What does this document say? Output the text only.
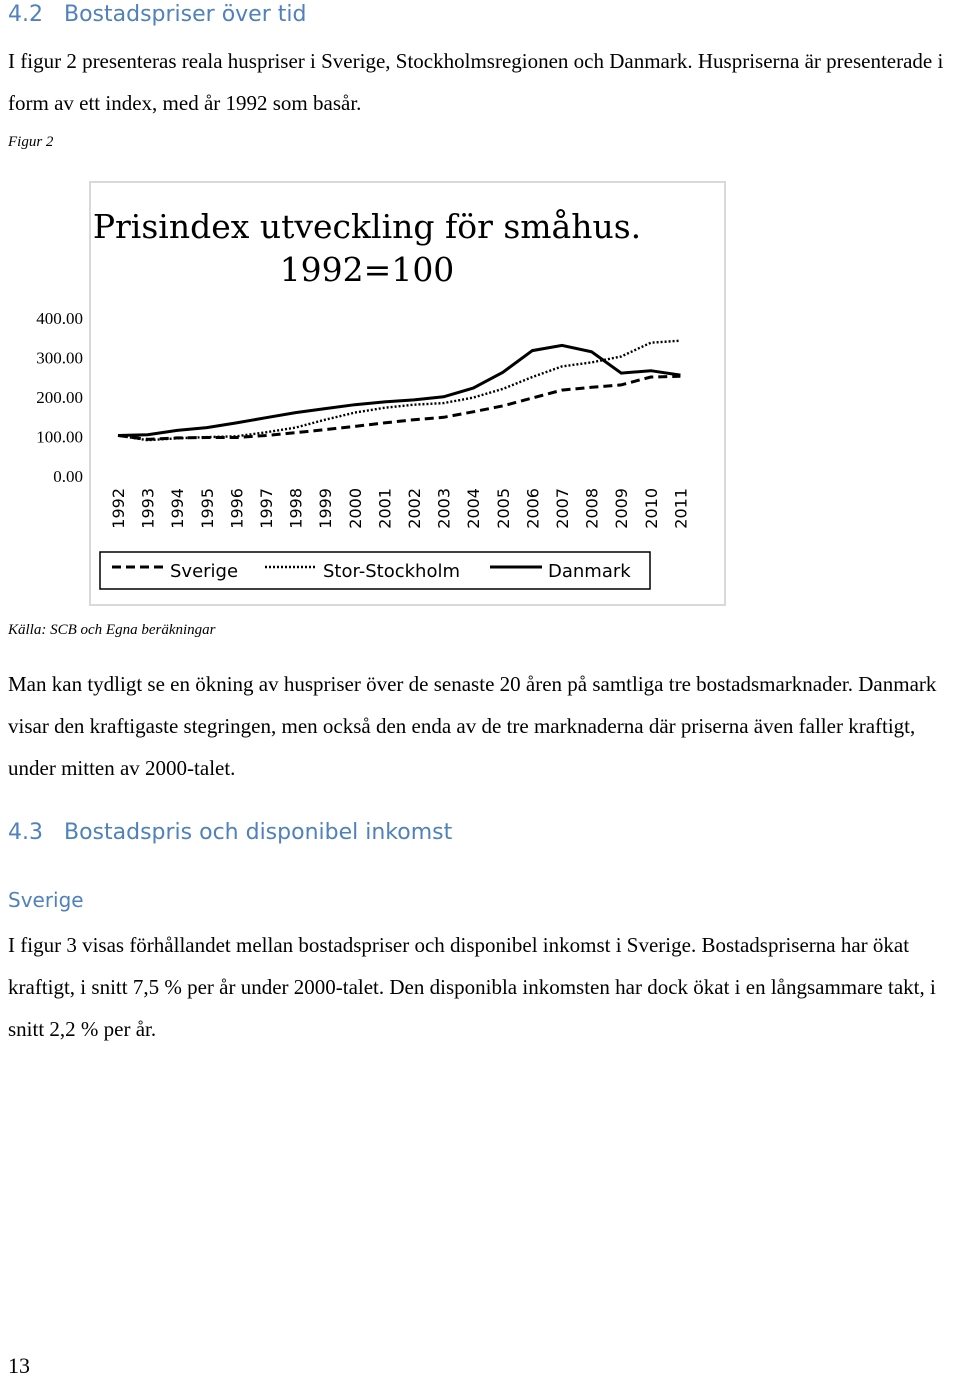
4.2 Bostadspriser över tid

I figur 2 presenteras reala huspriser i Sverige, Stockholmsregionen och Danmark. Huspriserna är presenterade i form av ett index, med år 1992 som basår.

Figur 2

Prisindex utveckling för småhus.
1992=100
0.00
100.00
200.00
300.00
400.00
1992 1993 1994 1995 1996 1997 1998 1999 2000 2001 2002 2003 2004 2005 2006 2007 2008 2009 2010 2011
Sverige	Stor-Stockholm	Danmark

Källa: SCB och Egna beräkningar

Man kan tydligt se en ökning av huspriser över de senaste 20 åren på samtliga tre bostadsmarknader. Danmark visar den kraftigaste stegringen, men också den enda av de tre marknaderna där priserna även faller kraftigt, under mitten av 2000-talet.

4.3 Bostadspris och disponibel inkomst
Sverige

I figur 3 visas förhållandet mellan bostadspriser och disponibel inkomst i Sverige. Bostadspriserna har ökat kraftigt, i snitt 7,5 % per år under 2000-talet. Den disponibla inkomsten har dock ökat i en långsammare takt, i snitt 2,2 % per år.

13
